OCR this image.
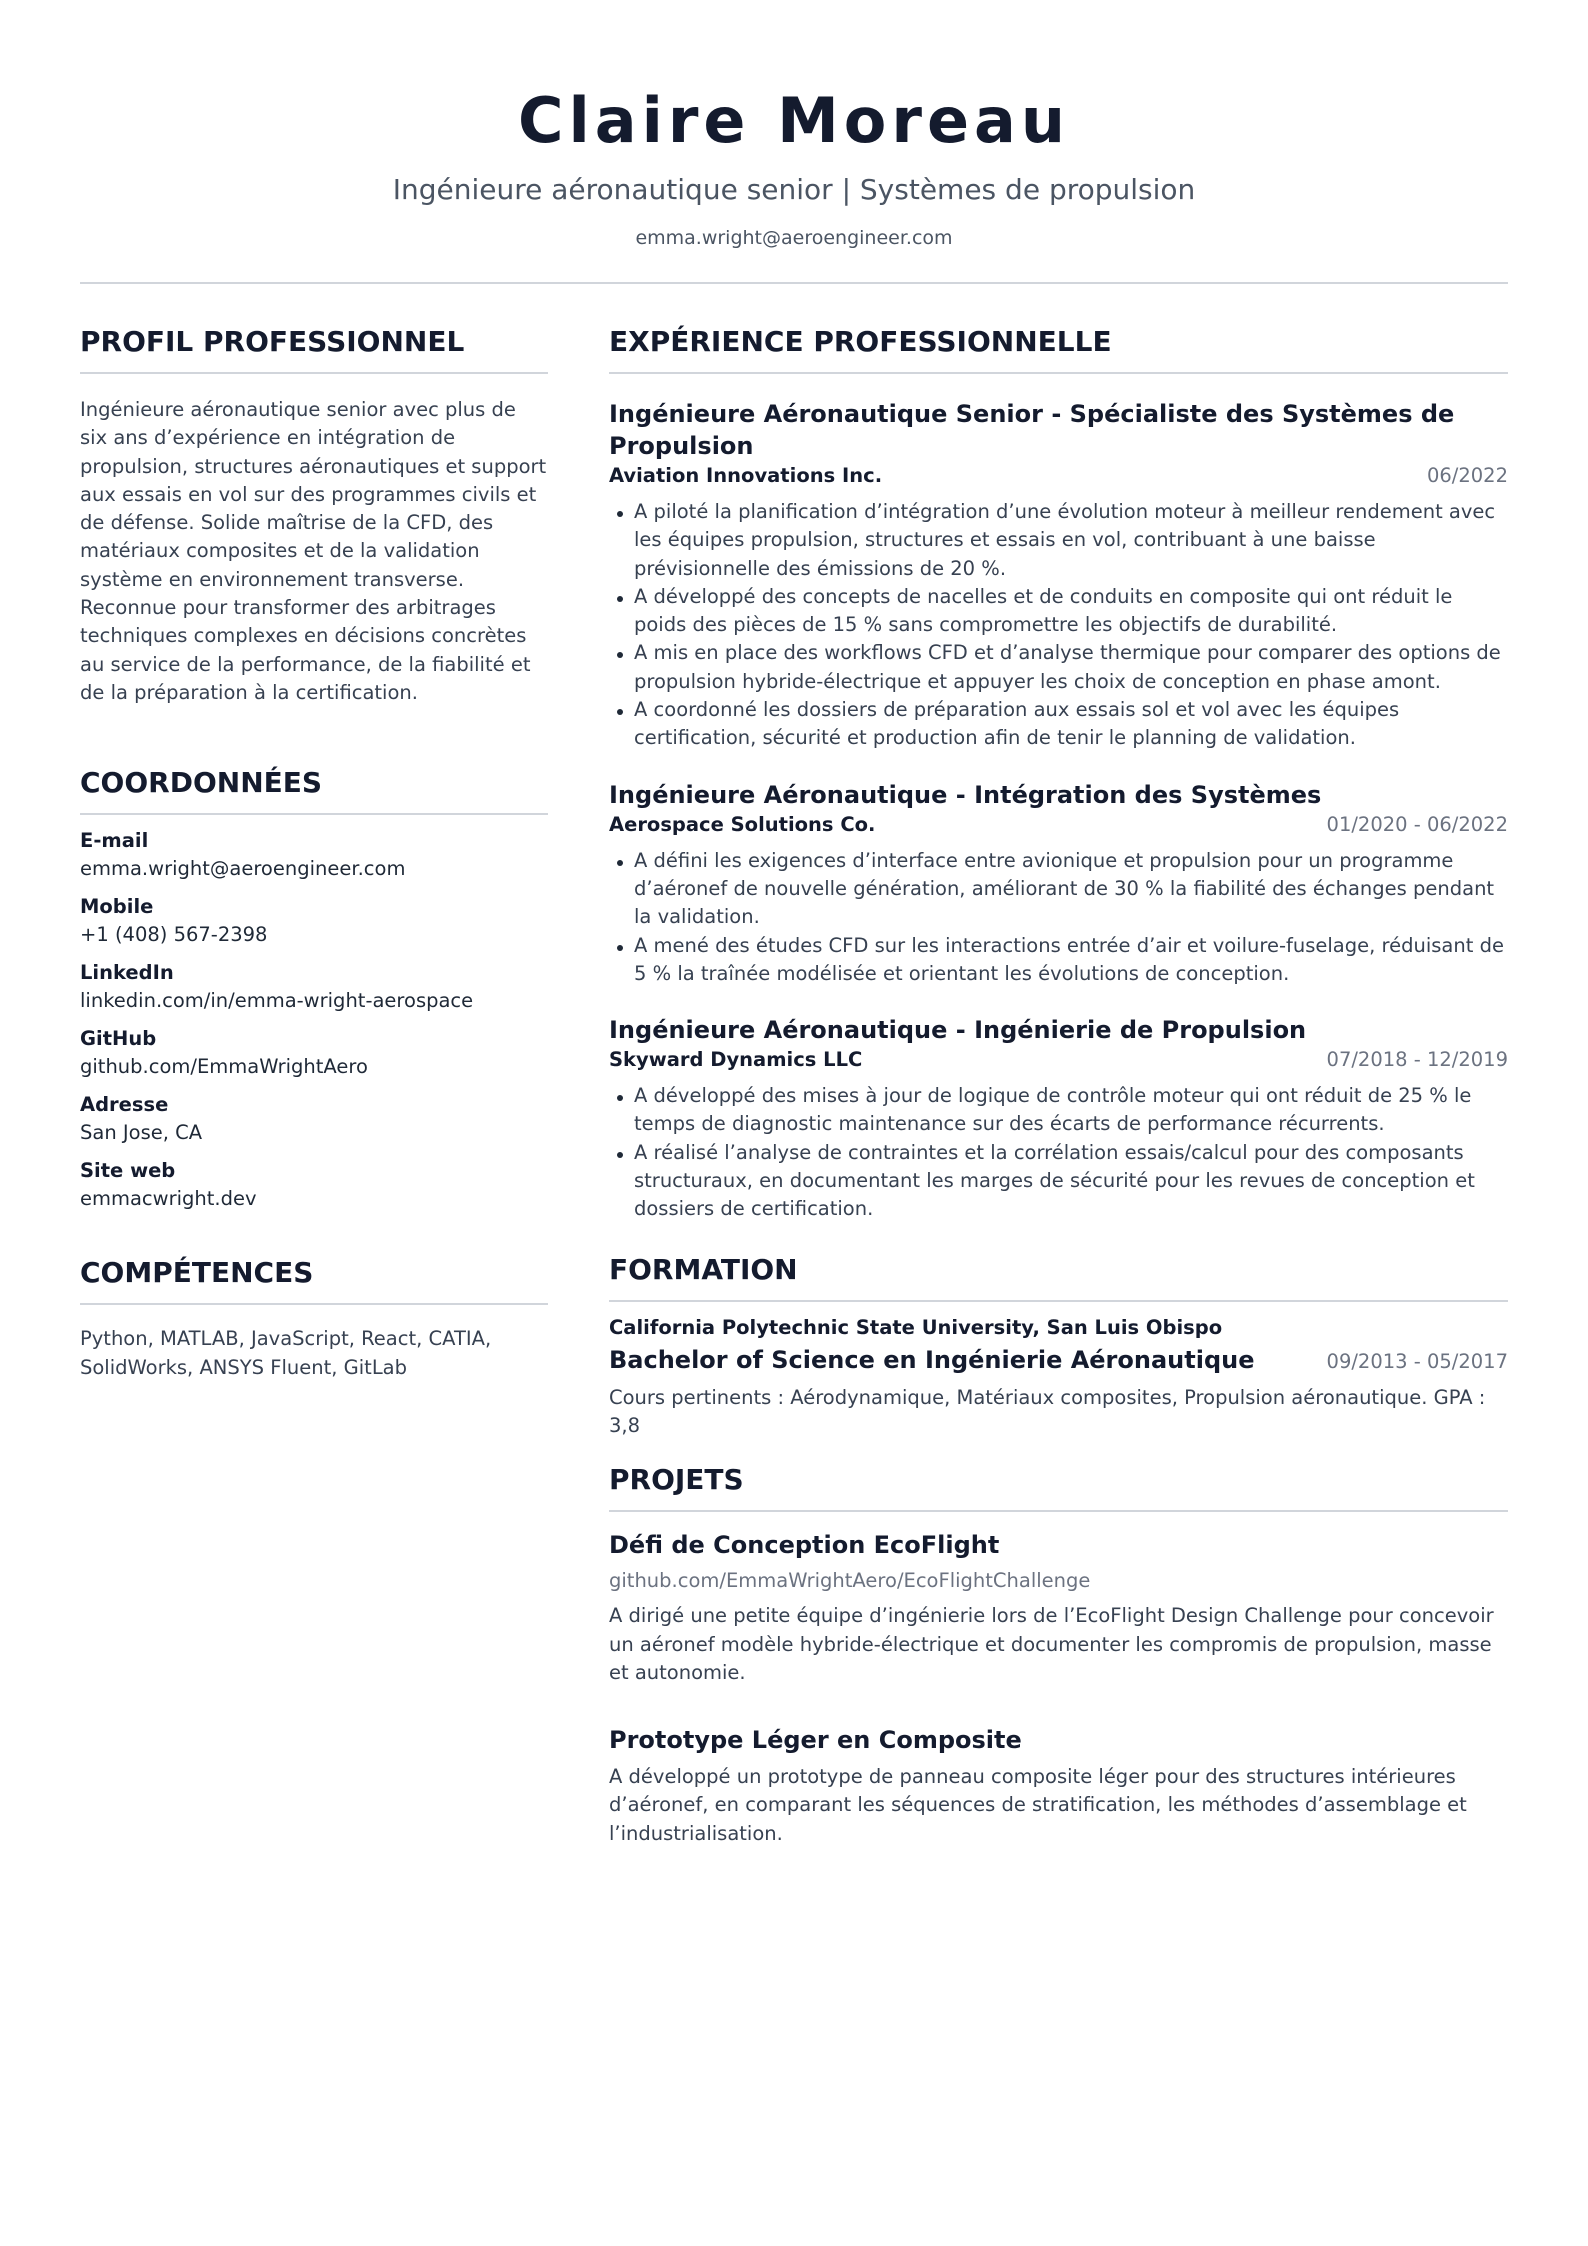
Claire Moreau
Ingénieure aéronautique senior | Systèmes de propulsion
emma.wright@aeroengineer.com
PROFIL PROFESSIONNEL
Ingénieure aéronautique senior avec plus de six ans d’expérience en intégration de propulsion, structures aéronautiques et support aux essais en vol sur des programmes civils et de défense. Solide maîtrise de la CFD, des matériaux composites et de la validation système en environnement transverse. Reconnue pour transformer des arbitrages techniques complexes en décisions concrètes au service de la performance, de la fiabilité et de la préparation à la certification.
COORDONNÉES
E-mail
emma.wright@aeroengineer.com
Mobile
+1 (408) 567-2398
LinkedIn
linkedin.com/in/emma-wright-aerospace
GitHub
github.com/EmmaWrightAero
Adresse
San Jose, CA
Site web
emmacwright.dev
COMPÉTENCES
Python, MATLAB, JavaScript, React, CATIA, SolidWorks, ANSYS Fluent, GitLab
EXPÉRIENCE PROFESSIONNELLE
Ingénieure Aéronautique Senior - Spécialiste des Systèmes de Propulsion
Aviation Innovations Inc.	06/2022
A piloté la planification d’intégration d’une évolution moteur à meilleur rendement avec les équipes propulsion, structures et essais en vol, contribuant à une baisse prévisionnelle des émissions de 20 %.
A développé des concepts de nacelles et de conduits en composite qui ont réduit le poids des pièces de 15 % sans compromettre les objectifs de durabilité.
A mis en place des workflows CFD et d’analyse thermique pour comparer des options de propulsion hybride-électrique et appuyer les choix de conception en phase amont.
A coordonné les dossiers de préparation aux essais sol et vol avec les équipes certification, sécurité et production afin de tenir le planning de validation.
Ingénieure Aéronautique - Intégration des Systèmes
Aerospace Solutions Co.	01/2020 - 06/2022
A défini les exigences d’interface entre avionique et propulsion pour un programme d’aéronef de nouvelle génération, améliorant de 30 % la fiabilité des échanges pendant la validation.
A mené des études CFD sur les interactions entrée d’air et voilure-fuselage, réduisant de 5 % la traînée modélisée et orientant les évolutions de conception.
Ingénieure Aéronautique - Ingénierie de Propulsion
Skyward Dynamics LLC	07/2018 - 12/2019
A développé des mises à jour de logique de contrôle moteur qui ont réduit de 25 % le temps de diagnostic maintenance sur des écarts de performance récurrents.
A réalisé l’analyse de contraintes et la corrélation essais/calcul pour des composants structuraux, en documentant les marges de sécurité pour les revues de conception et dossiers de certification.
FORMATION
California Polytechnic State University, San Luis Obispo
Bachelor of Science en Ingénierie Aéronautique	09/2013 - 05/2017
Cours pertinents : Aérodynamique, Matériaux composites, Propulsion aéronautique. GPA : 3,8
PROJETS
Défi de Conception EcoFlight
github.com/EmmaWrightAero/EcoFlightChallenge
A dirigé une petite équipe d’ingénierie lors de l’EcoFlight Design Challenge pour concevoir un aéronef modèle hybride-électrique et documenter les compromis de propulsion, masse et autonomie.
Prototype Léger en Composite
A développé un prototype de panneau composite léger pour des structures intérieures d’aéronef, en comparant les séquences de stratification, les méthodes d’assemblage et l’industrialisation.
